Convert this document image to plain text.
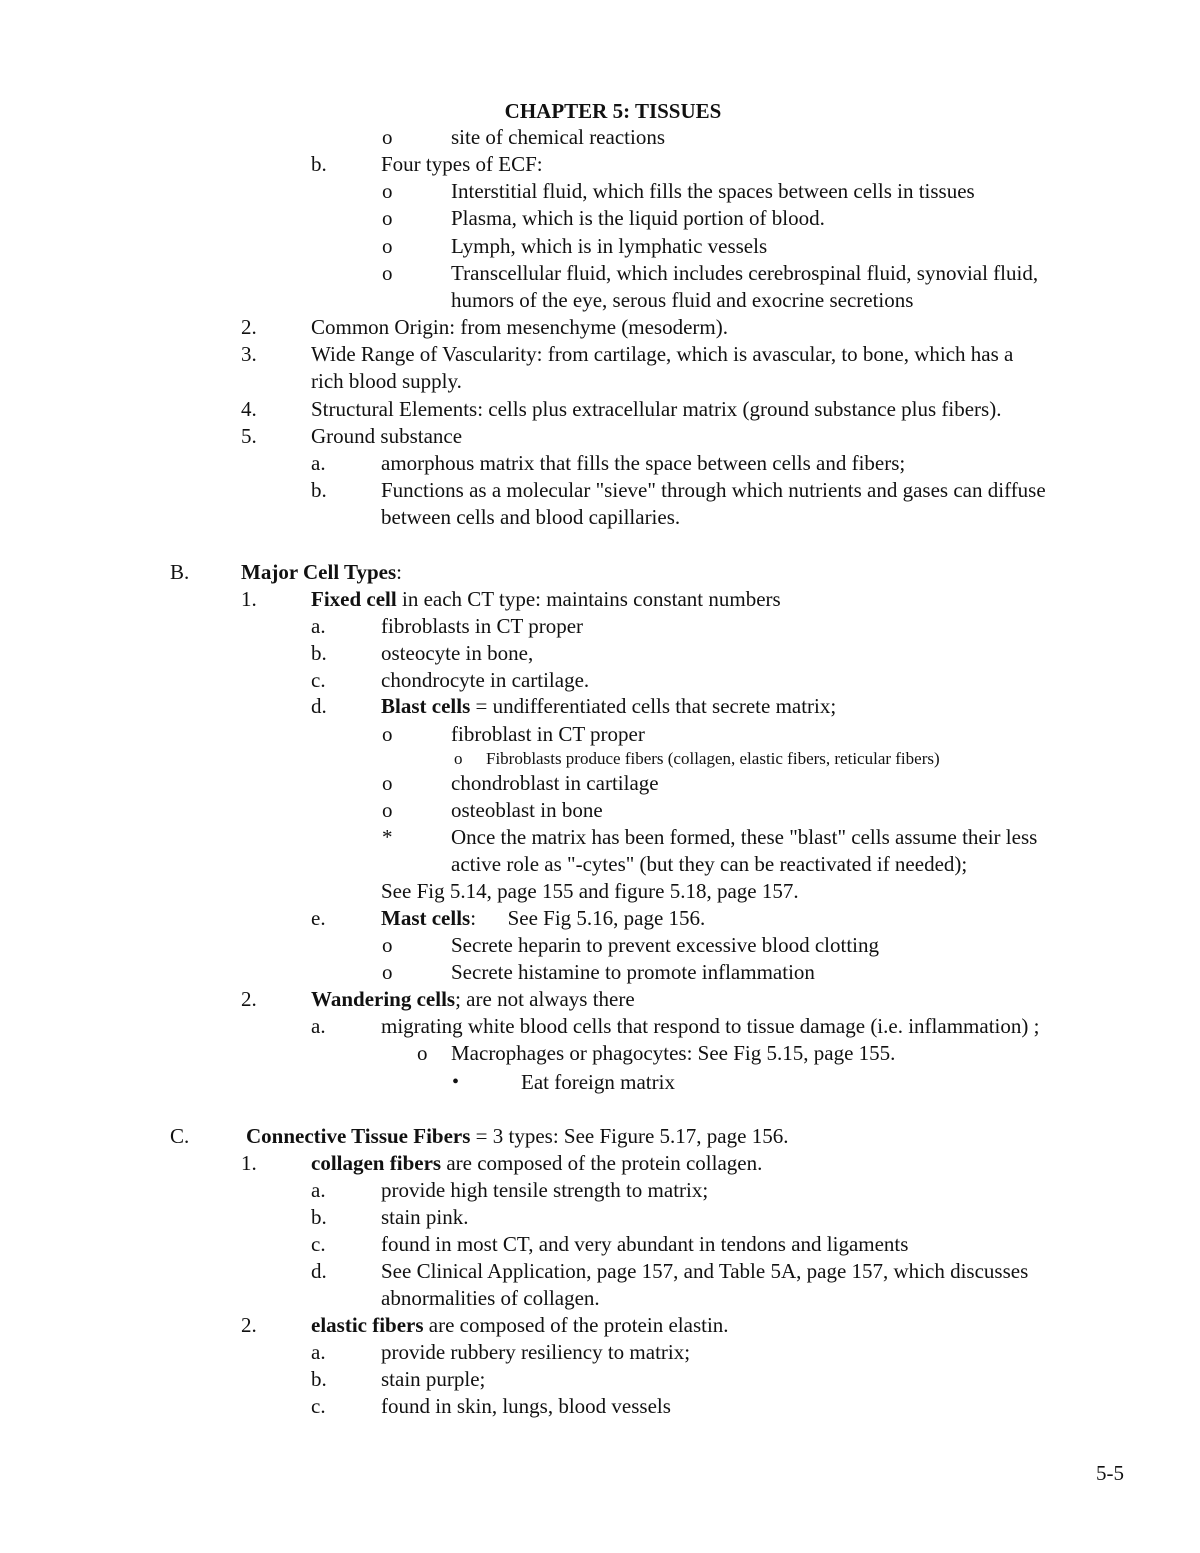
CHAPTER 5: TISSUES
o	site of chemical reactions
b.	Four types of ECF:
o	Interstitial fluid, which fills the spaces between cells in tissues
o	Plasma, which is the liquid portion of blood.
o	Lymph, which is in lymphatic vessels
o	Transcellular fluid, which includes cerebrospinal fluid, synovial fluid,
humors of the eye, serous fluid and exocrine secretions
2.	Common Origin: from mesenchyme (mesoderm).
3.	Wide Range of Vascularity: from cartilage, which is avascular, to bone, which has a
rich blood supply.
4.	Structural Elements: cells plus extracellular matrix (ground substance plus fibers).
5.	Ground substance
a.	amorphous matrix that fills the space between cells and fibers;
b.	Functions as a molecular "sieve" through which nutrients and gases can diffuse
between cells and blood capillaries.
B. Major Cell Types:
1.	Fixed cell in each CT type: maintains constant numbers
a.	fibroblasts in CT proper
b.	osteocyte in bone,
c.	chondrocyte in cartilage.
d.	Blast cells = undifferentiated cells that secrete matrix;
o	fibroblast in CT proper
o Fibroblasts produce fibers (collagen, elastic fibers, reticular fibers)
o	chondroblast in cartilage
o	osteoblast in bone
*	Once the matrix has been formed, these "blast" cells assume their less
active role as "-cytes" (but they can be reactivated if needed);
See Fig 5.14, page 155 and figure 5.18, page 157.
e.	Mast cells:      See Fig 5.16, page 156.
o	Secrete heparin to prevent excessive blood clotting
o	Secrete histamine to promote inflammation
2.	Wandering cells; are not always there
a.	migrating white blood cells that respond to tissue damage (i.e. inflammation) ;
o Macrophages or phagocytes: See Fig 5.15, page 155.
•	Eat foreign matrix
C.	Connective Tissue Fibers = 3 types: See Figure 5.17, page 156.
1.	collagen fibers are composed of the protein collagen.
a.	provide high tensile strength to matrix;
b.	stain pink.
c.	found in most CT, and very abundant in tendons and ligaments
d.	See Clinical Application, page 157, and Table 5A, page 157, which discusses
abnormalities of collagen.
2.	elastic fibers are composed of the protein elastin.
a.	provide rubbery resiliency to matrix;
b.	stain purple;
c.	found in skin, lungs, blood vessels
5-5
